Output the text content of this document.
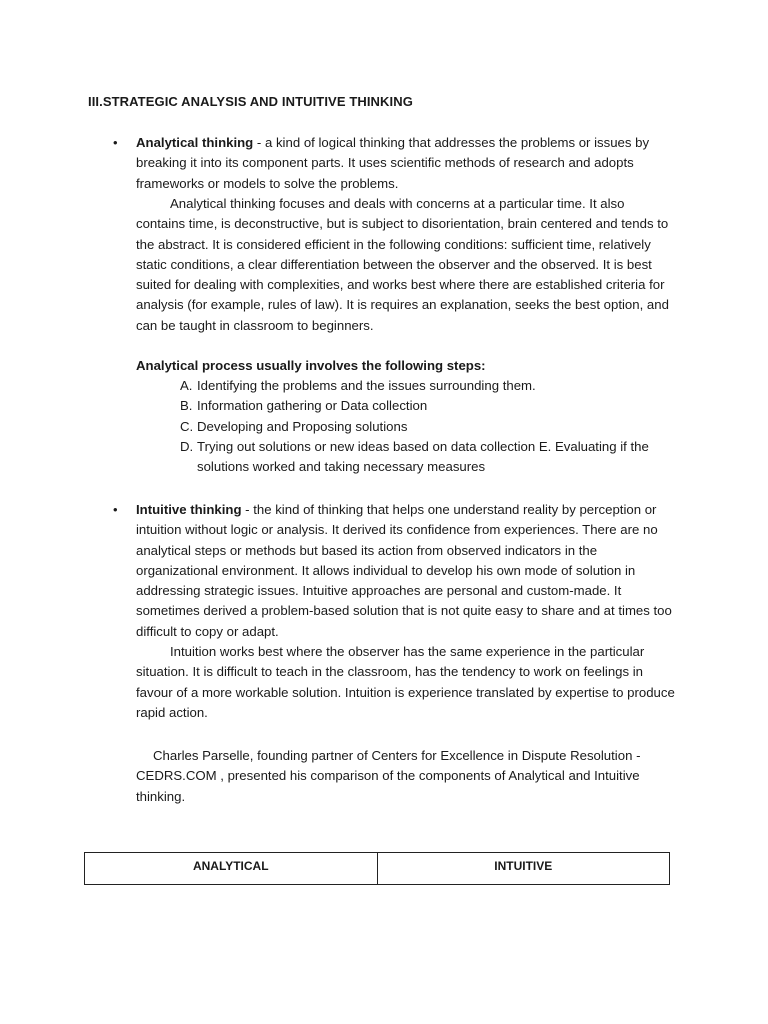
III.STRATEGIC ANALYSIS AND INTUITIVE THINKING
• Analytical thinking - a kind of logical thinking that addresses the problems or issues by breaking it into its component parts. It uses scientific methods of research and adopts frameworks or models to solve the problems.
Analytical thinking focuses and deals with concerns at a particular time. It also contains time, is deconstructive, but is subject to disorientation, brain centered and tends to the abstract. It is considered efficient in the following conditions: sufficient time, relatively static conditions, a clear differentiation between the observer and the observed. It is best suited for dealing with complexities, and works best where there are established criteria for analysis (for example, rules of law). It is requires an explanation, seeks the best option, and can be taught in classroom to beginners.
Analytical process usually involves the following steps:
A. Identifying the problems and the issues surrounding them.
B. Information gathering or Data collection
C. Developing and Proposing solutions
D. Trying out solutions or new ideas based on data collection E. Evaluating if the solutions worked and taking necessary measures
• Intuitive thinking - the kind of thinking that helps one understand reality by perception or intuition without logic or analysis. It derived its confidence from experiences. There are no analytical steps or methods but based its action from observed indicators in the organizational environment. It allows individual to develop his own mode of solution in addressing strategic issues. Intuitive approaches are personal and custom-made. It sometimes derived a problem-based solution that is not quite easy to share and at times too difficult to copy or adapt.
Intuition works best where the observer has the same experience in the particular situation. It is difficult to teach in the classroom, has the tendency to work on feelings in favour of a more workable solution. Intuition is experience translated by expertise to produce rapid action.
Charles Parselle, founding partner of Centers for Excellence in Dispute Resolution - CEDRS.COM , presented his comparison of the components of Analytical and Intuitive thinking.
ANALYTICAL	INTUITIVE
